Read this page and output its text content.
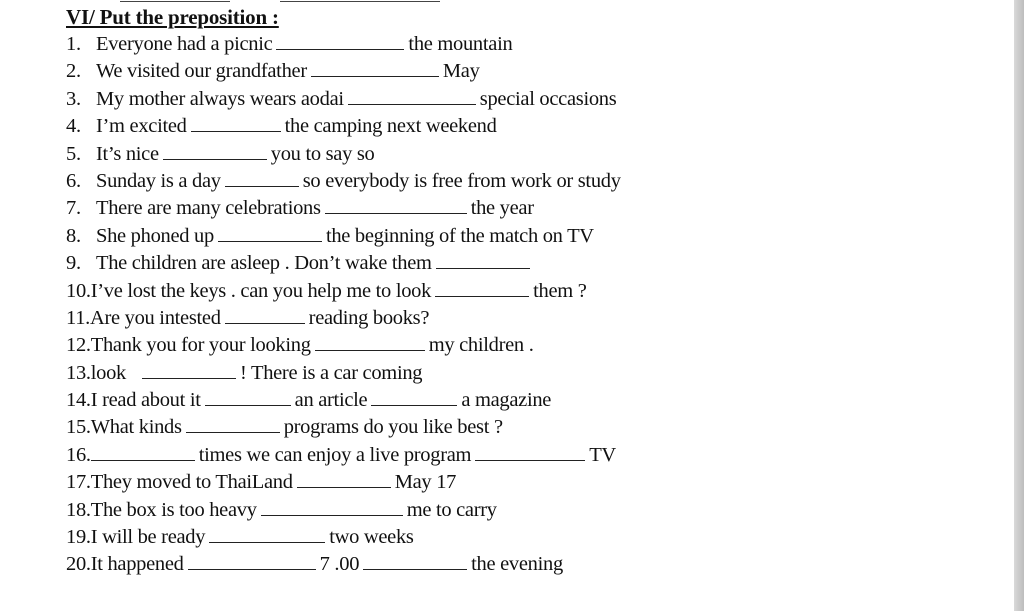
VI/ Put the preposition :
1. Everyone had a picnic	the mountain
2. We visited our grandfather	May
3. My mother always wears aodai	special occasions
4. I’m excited	the camping next weekend
5. It’s nice	you to say so
6. Sunday is a day	so everybody is free from work or study
7. There are many celebrations	the year
8. She phoned up	the beginning of the match on TV
9. The children are asleep . Don’t wake them
10.I’ve lost the keys . can you help me to look	them ?
11.Are you intested	reading books?
12.Thank you for your looking	my children .
13.look	! There is a car coming
14.I read about it	an article	a magazine
15.What kinds	programs do you like best ?
16.	times we can enjoy a live program	TV
17.They moved to ThaiLand	May 17
18.The box is too heavy	me to carry
19.I will be ready	two weeks
20.It happened	7 .00	the evening
